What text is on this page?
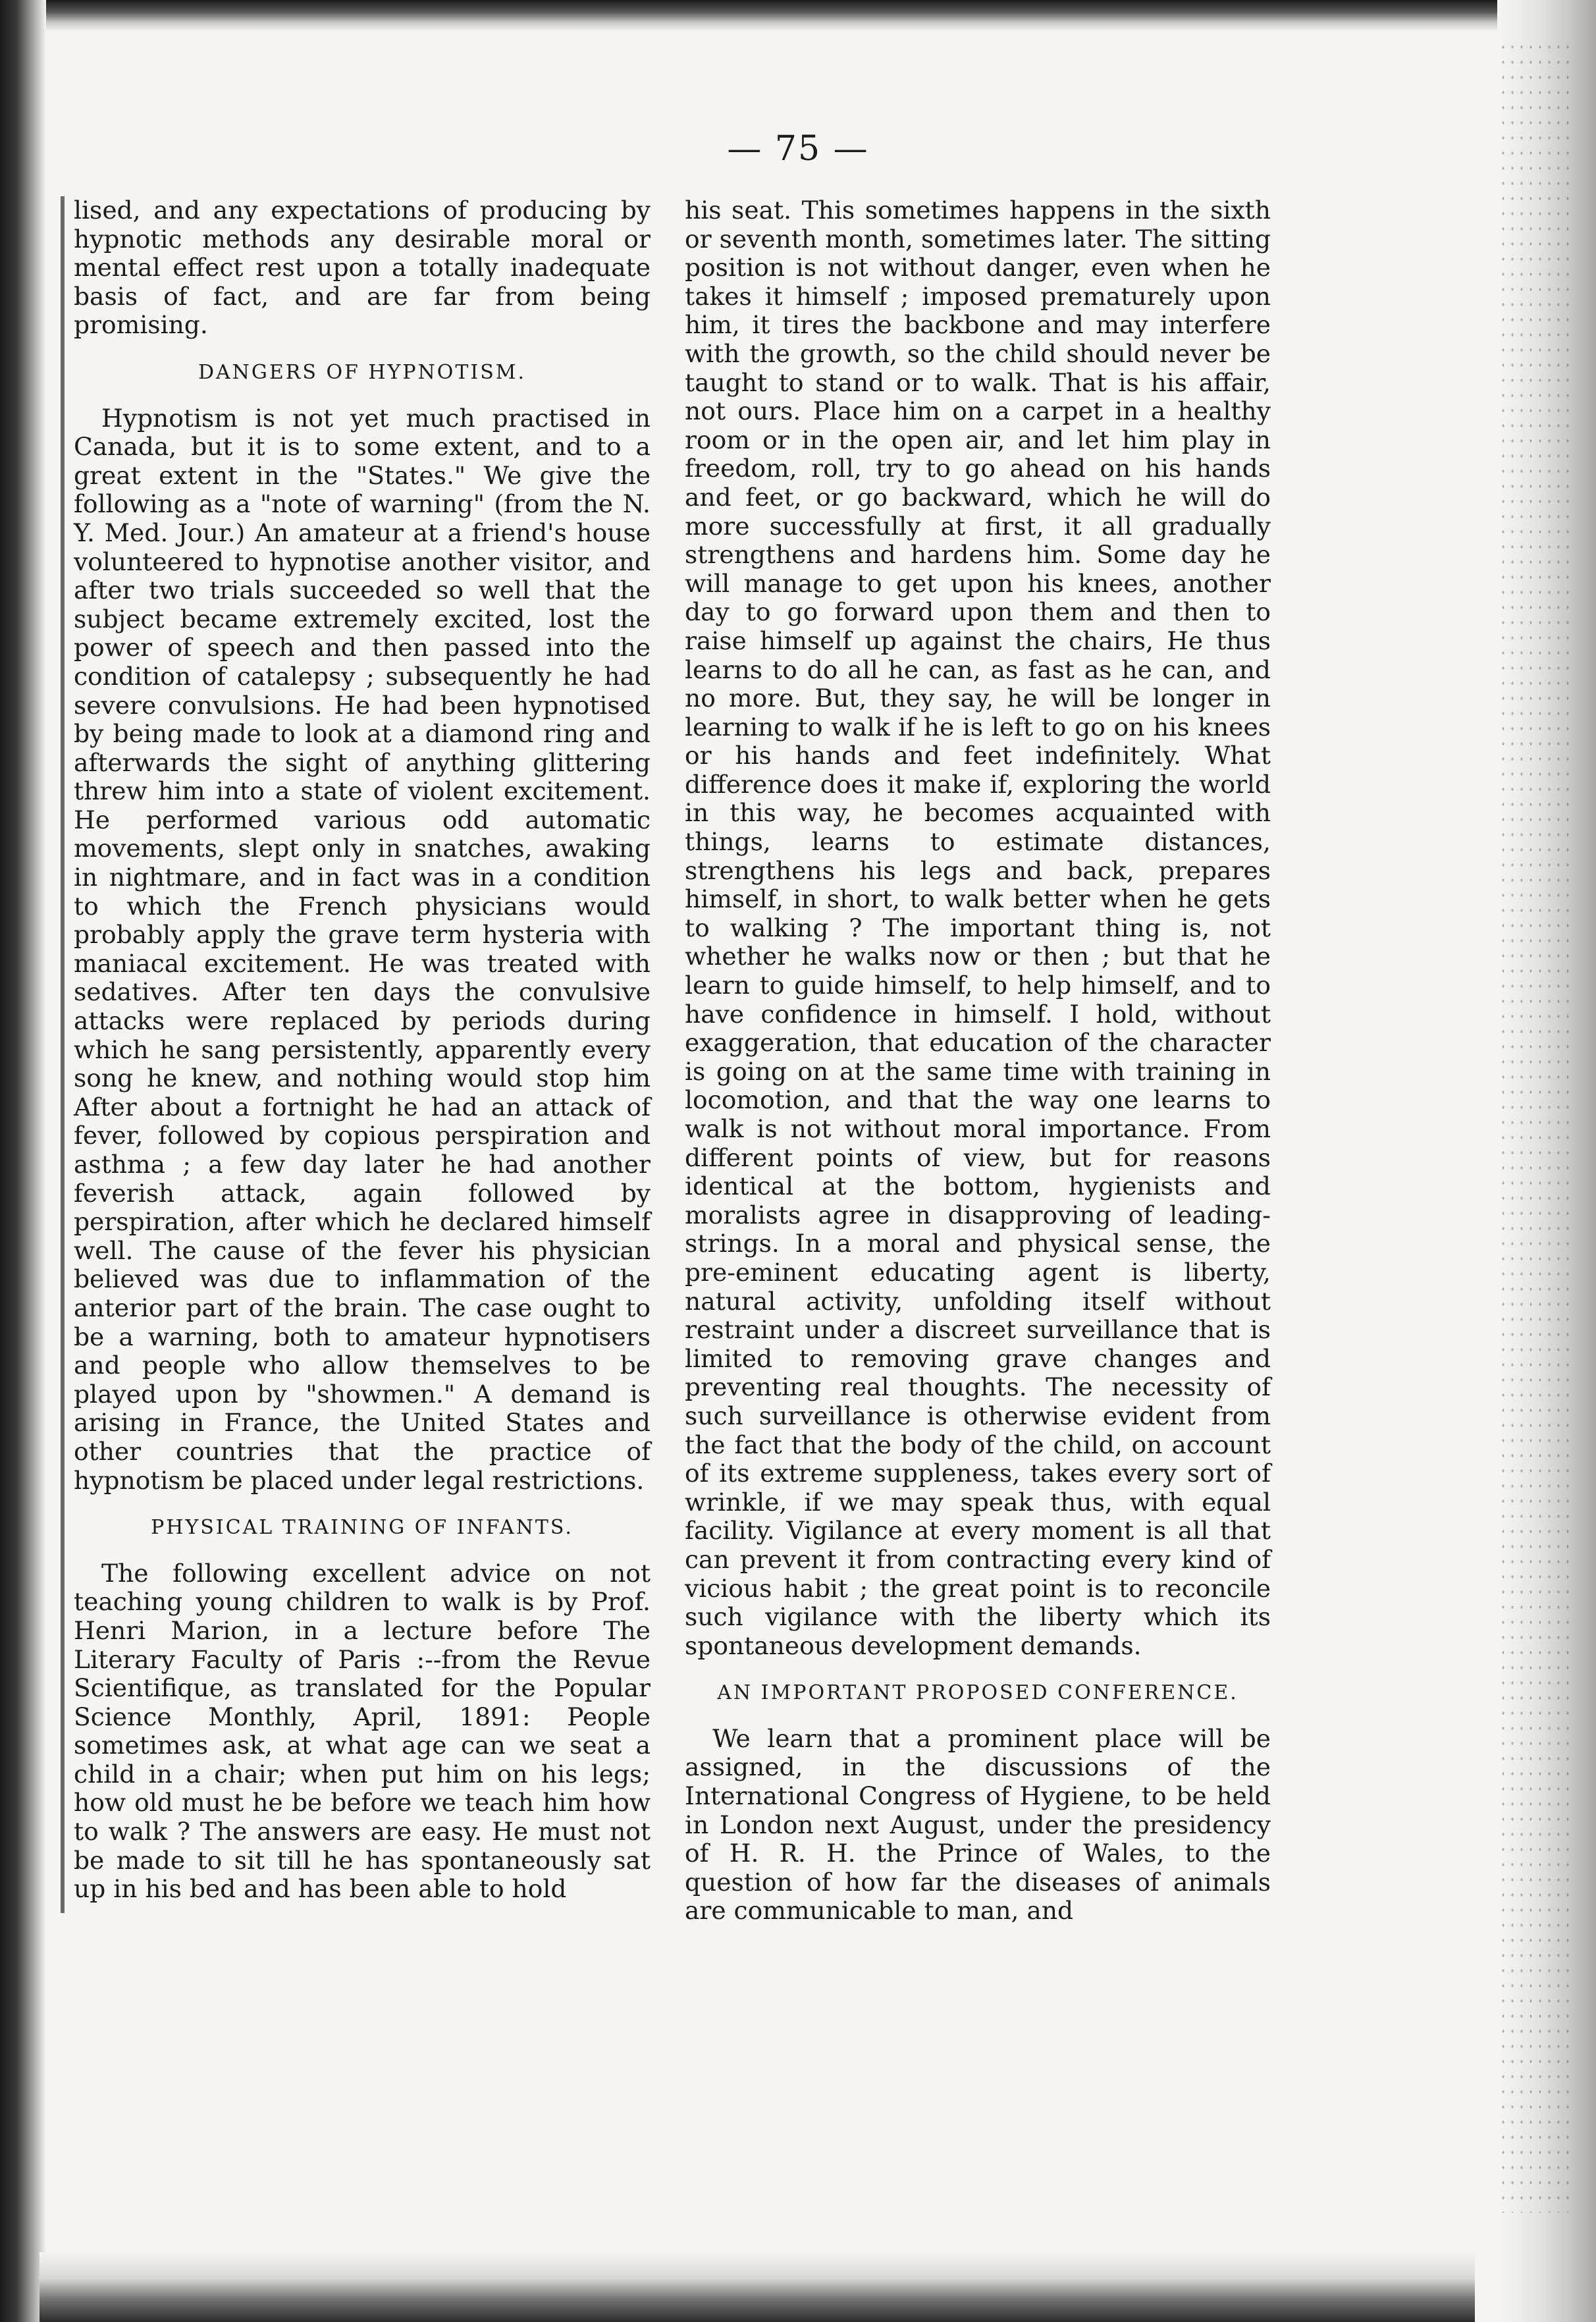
— 75 —

lised, and any expectations of producing by hypnotic methods any desirable moral or mental effect rest upon a totally inadequate basis of fact, and are far from being promising.

DANGERS OF HYPNOTISM.

Hypnotism is not yet much practised in Canada, but it is to some extent, and to a great extent in the "States." We give the following as a "note of warning" (from the N. Y. Med. Jour.) An amateur at a friend's house volunteered to hypnotise another visitor, and after two trials succeeded so well that the subject became extremely excited, lost the power of speech and then passed into the condition of catalepsy ; subsequently he had severe convulsions. He had been hypnotised by being made to look at a diamond ring and afterwards the sight of anything glittering threw him into a state of violent excitement. He performed various odd automatic movements, slept only in snatches, awaking in nightmare, and in fact was in a condition to which the French physicians would probably apply the grave term hysteria with maniacal excitement. He was treated with sedatives. After ten days the convulsive attacks were replaced by periods during which he sang persistently, apparently every song he knew, and nothing would stop him After about a fortnight he had an attack of fever, followed by copious perspiration and asthma ; a few day later he had another feverish attack, again followed by perspiration, after which he declared himself well. The cause of the fever his physician believed was due to inflammation of the anterior part of the brain. The case ought to be a warning, both to amateur hypnotisers and people who allow themselves to be played upon by "showmen." A demand is arising in France, the United States and other countries that the practice of hypnotism be placed under legal restrictions.

PHYSICAL TRAINING OF INFANTS.

The following excellent advice on not teaching young children to walk is by Prof. Henri Marion, in a lecture before The Literary Faculty of Paris :--from the Revue Scientifique, as translated for the Popular Science Monthly, April, 1891: People sometimes ask, at what age can we seat a child in a chair; when put him on his legs; how old must he be before we teach him how to walk ? The answers are easy. He must not be made to sit till he has spontaneously sat up in his bed and has been able to hold

his seat. This sometimes happens in the sixth or seventh month, sometimes later. The sitting position is not without danger, even when he takes it himself ; imposed prematurely upon him, it tires the backbone and may interfere with the growth, so the child should never be taught to stand or to walk. That is his affair, not ours. Place him on a carpet in a healthy room or in the open air, and let him play in freedom, roll, try to go ahead on his hands and feet, or go backward, which he will do more successfully at first, it all gradually strengthens and hardens him. Some day he will manage to get upon his knees, another day to go forward upon them and then to raise himself up against the chairs, He thus learns to do all he can, as fast as he can, and no more. But, they say, he will be longer in learning to walk if he is left to go on his knees or his hands and feet indefinitely. What difference does it make if, exploring the world in this way, he becomes acquainted with things, learns to estimate distances, strengthens his legs and back, prepares himself, in short, to walk better when he gets to walking ? The important thing is, not whether he walks now or then ; but that he learn to guide himself, to help himself, and to have confidence in himself. I hold, without exaggeration, that education of the character is going on at the same time with training in locomotion, and that the way one learns to walk is not without moral importance. From different points of view, but for reasons identical at the bottom, hygienists and moralists agree in disapproving of leading-strings. In a moral and physical sense, the pre-eminent educating agent is liberty, natural activity, unfolding itself without restraint under a discreet surveillance that is limited to removing grave changes and preventing real thoughts. The necessity of such surveillance is otherwise evident from the fact that the body of the child, on account of its extreme suppleness, takes every sort of wrinkle, if we may speak thus, with equal facility. Vigilance at every moment is all that can prevent it from contracting every kind of vicious habit ; the great point is to reconcile such vigilance with the liberty which its spontaneous development demands.

AN IMPORTANT PROPOSED CONFERENCE.

We learn that a prominent place will be assigned, in the discussions of the International Congress of Hygiene, to be held in London next August, under the presidency of H. R. H. the Prince of Wales, to the question of how far the diseases of animals are communicable to man, and
